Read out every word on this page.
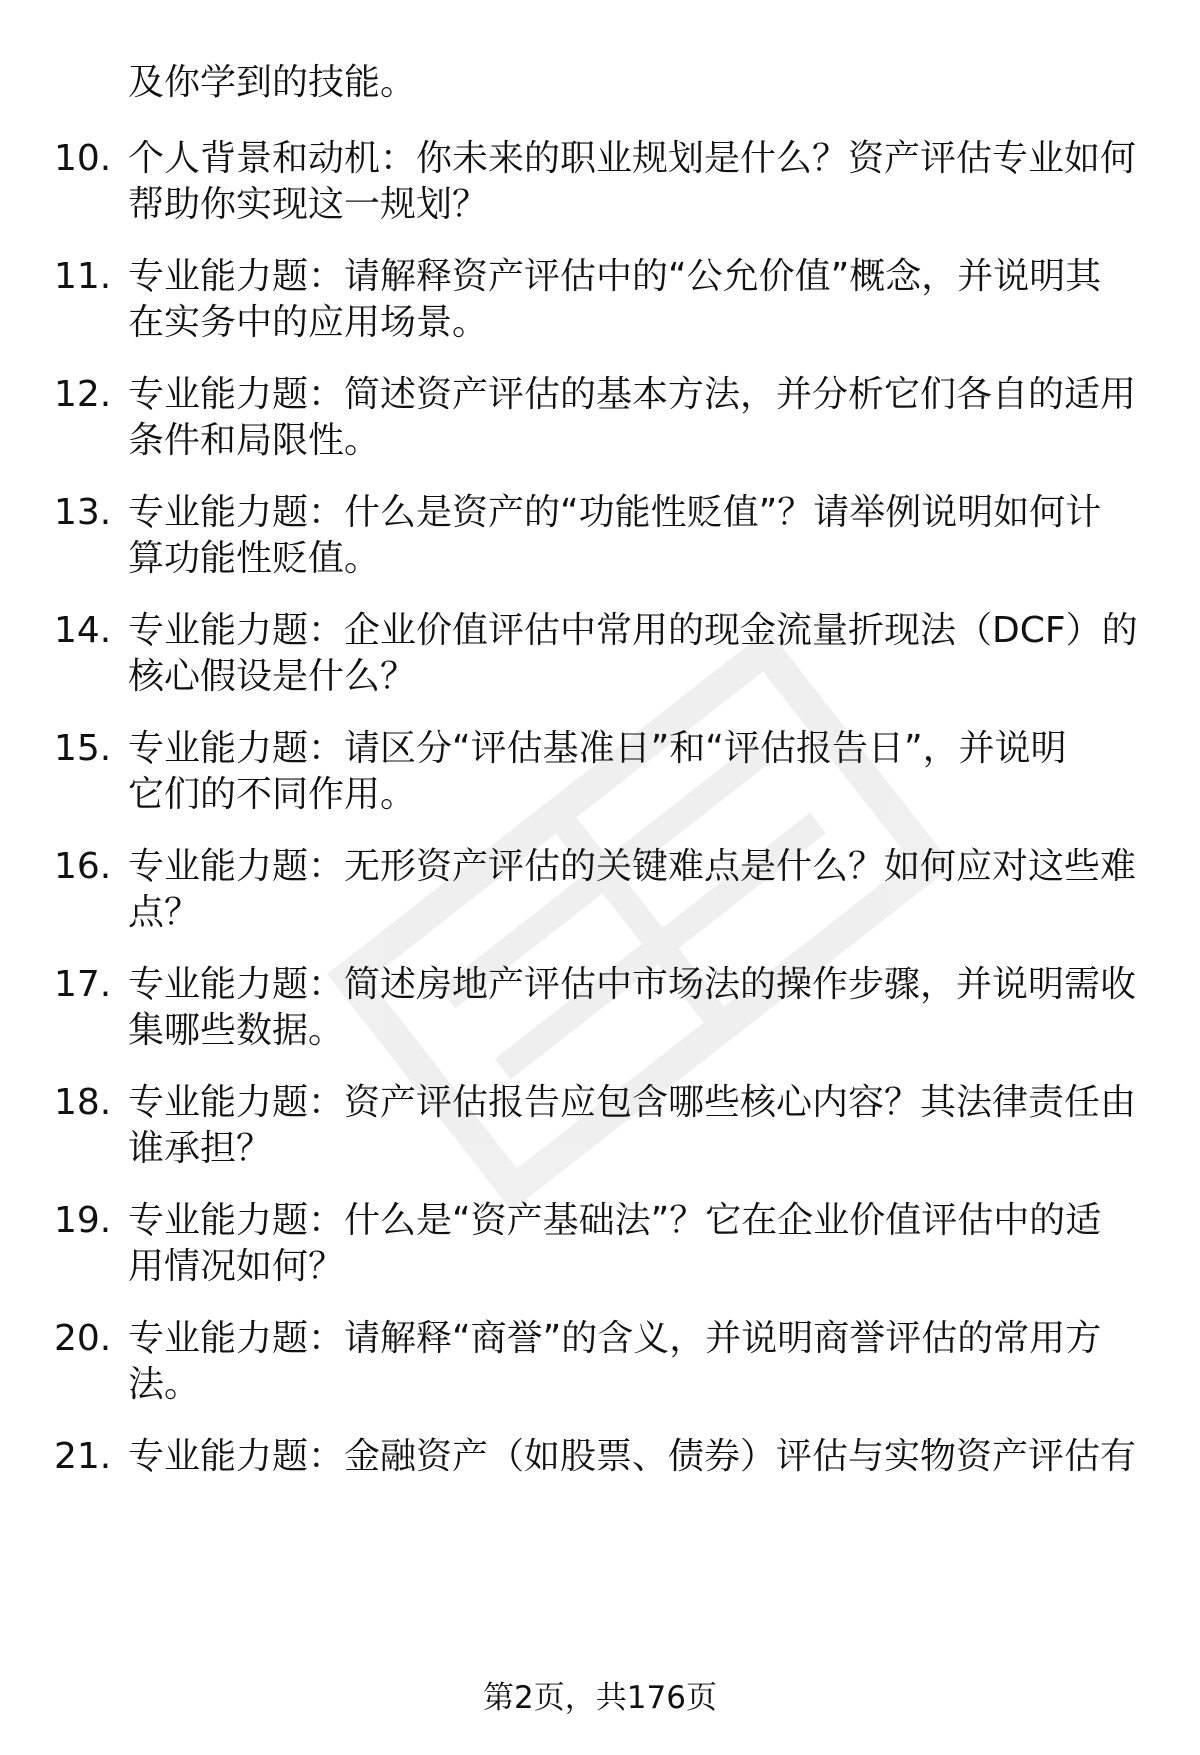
及你学到的技能。
10. 个人背景和动机：你未来的职业规划是什么？资产评估专业如何
帮助你实现这一规划？
11. 专业能力题：请解释资产评估中的“公允价值”概念，并说明其
在实务中的应用场景。
12. 专业能力题：简述资产评估的基本方法，并分析它们各自的适用
条件和局限性。
13. 专业能力题：什么是资产的“功能性贬值”？请举例说明如何计
算功能性贬值。
14. 专业能力题：企业价值评估中常用的现金流量折现法（DCF）的
核心假设是什么？
15. 专业能力题：请区分“评估基准日”和“评估报告日”，并说明
它们的不同作用。
16. 专业能力题：无形资产评估的关键难点是什么？如何应对这些难
点？
17. 专业能力题：简述房地产评估中市场法的操作步骤，并说明需收
集哪些数据。
18. 专业能力题：资产评估报告应包含哪些核心内容？其法律责任由
谁承担？
19. 专业能力题：什么是“资产基础法”？它在企业价值评估中的适
用情况如何？
20. 专业能力题：请解释“商誉”的含义，并说明商誉评估的常用方
法。
21. 专业能力题：金融资产（如股票、债券）评估与实物资产评估有
第2页，共176页
